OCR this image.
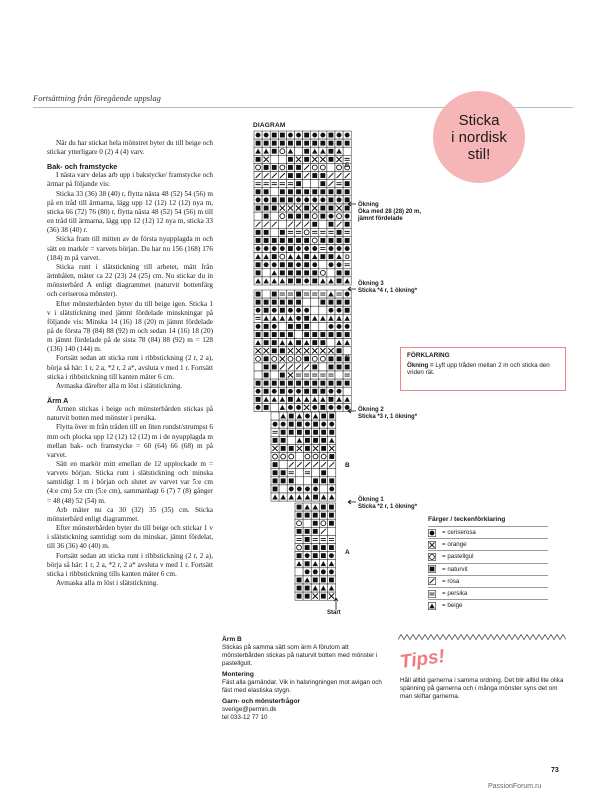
Fortsättning från föregående uppslag

När du har stickat hela mönstret byter du till beige och stickar ytterligare 0 (2) 4 (4) varv.

Bak- och framstycke

I nästa varv delas arb upp i bakstycke/ framstycke och ärmar på följande vis:

Sticka 33 (36) 38 (40) r, flytta nästa 48 (52) 54 (56) m på en tråd till ärmarna, lägg upp 12 (12) 12 (12) nya m, sticka 66 (72) 76 (80) r, flytta nästa 48 (52) 54 (56) m till en tråd till ärmarna, lägg upp 12 (12) 12 nya m, sticka 33 (36) 38 (40) r.

Sticka fram till mitten av de första nyupplagda m och sätt en markör = varvets början. Du har nu 156 (168) 176 (184) m på varvet.

Sticka runt i slätstickning till arbetet, mätt från ärmhålen, mäter ca 22 (23) 24 (25) cm. Nu stickar du in mönsterbård A enligt diagrammet (naturvit bottenfärg och ceriserosa mönster).

Efter mönsterbården byter du till beige igen. Sticka 1 v i slätstickning med jämnt fördelade minskningar på följande vis: Minska 14 (16) 18 (20) m jämnt fördelade på de första 78 (84) 88 (92) m och sedan 14 (16) 18 (20) m jämnt fördelade på de sista 78 (84) 88 (92) m = 128 (136) 140 (144) m.

Fortsätt sedan att sticka runt i ribbstickning (2 r, 2 a), börja så här: 1 r, 2 a, *2 r, 2 a*, avsluta v med 1 r. Fortsätt sticka i ribbstickning till kanten mäter 6 cm.

Avmaska därefter alla m löst i slätstickning.

Ärm A

Ärmen stickas i beige och mönsterbården stickas på naturvit botten med mönster i persika.

Flytta över m från tråden till en liten rundst/strumpst 6 mm och plocka upp 12 (12) 12 (12) m i de nyupplagda m mellan bak- och framstycke = 60 (64) 66 (68) m på varvet.

Sätt en markör mitt emellan de 12 upplockade m = varvets början. Sticka runt i slätstickning och minska samtidigt 1 m i början och slutet av varvet var 5:e cm (4:e cm) 5:e cm (5:e cm), sammanlagt 6 (7) 7 (8) gånger = 48 (48) 52 (54) m.

Arb mäter nu ca 30 (32) 35 (35) cm. Sticka mönsterbård enligt diagrammet.

Efter mönsterbården byter du till beige och stickar 1 v i slätstickning samtidigt som du minskar, jämnt fördelat, till 36 (36) 40 (40) m.

Fortsätt sedan att sticka runt i ribbstickning (2 r, 2 a), börja så här: 1 r, 2 a, *2 r, 2 a* avsluta v med 1 r. Fortsätt sticka i ribbstickning tills kanten mäter 6 cm.

Avmaska alla m löst i slätstickning.

Sticka
i nordisk
stil!
DIAGRAM
E
D
C
B
A
Ökning
Öka med 28 (28) 20 m,
jämnt fördelade
Ökning 3
Sticka *4 r, 1 ökning*
Ökning 2
Sticka *3 r, 1 ökning*
Ökning 1
Sticka *2 r, 1 ökning*
Start
FÖRKLARING
Ökning = Lyft upp tråden mellan 2 m och sticka den vriden rät.
Färger / teckenförklaring
= ceriserosa
= orange
= pastellgul
= naturvit
= rosa
= persika
= beige
Ärm B

Stickas på samma sätt som ärm A förutom att mönsterbården stickas på naturvit botten med mönster i pastellgult.

Montering

Fäst alla garnändar. Vik in halsringningen mot avigan och fäst med elastiska stygn.

Garn- och mönsterfrågor

sverige@permin.dk

tel 033-12 77 10

Tips!
Håll alltid garnerna i samma ordning. Det blir alltid lite olika spänning på garnerna och i många mönster syns det om man skiftar garnerna.
73
PassionForum.ru
